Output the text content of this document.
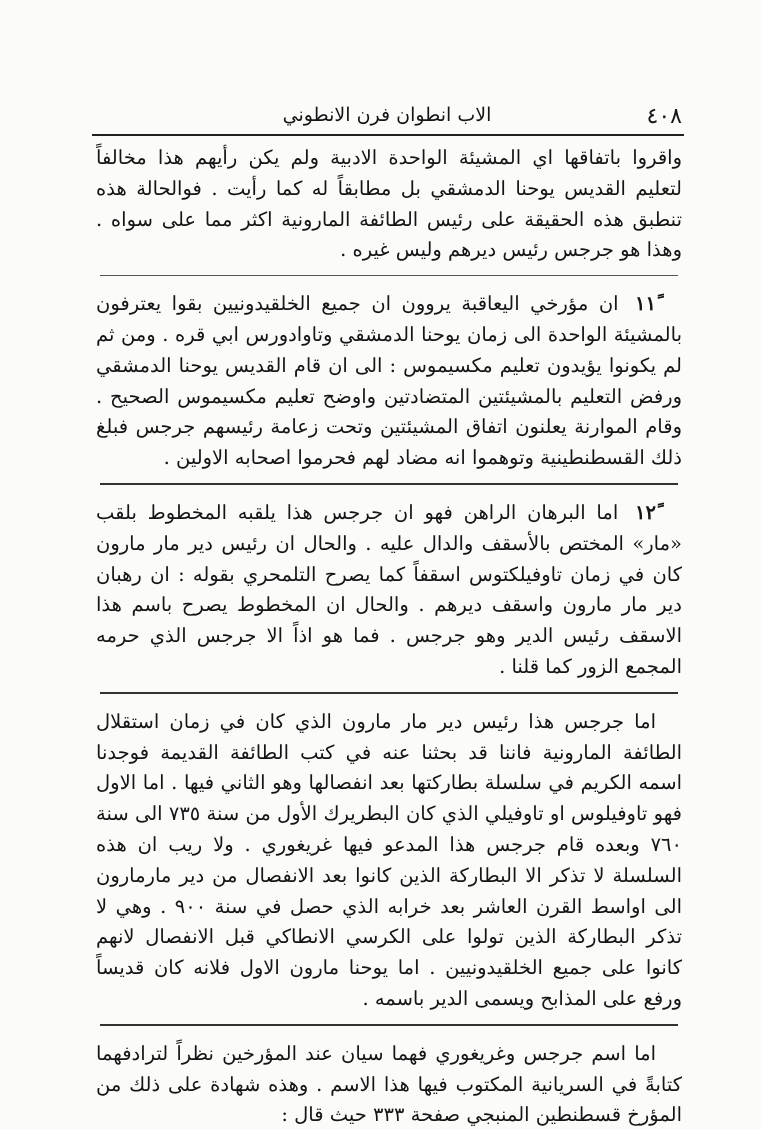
٤٠٨
الاب انطوان فرن الانطوني

واقروا باتفاقها اي المشيئة الواحدة الادبية ولم يكن رأيهم هذا مخالفاً لتعليم القديس يوحنا الدمشقي بل مطابقاً له كما رأيت . فوالحالة هذه تنطبق هذه الحقيقة على رئيس الطائفة المارونية اكثر مما على سواه . وهذا هو جرجس رئيس ديرهم وليس غيره .

١١ً ان مؤرخي اليعاقبة يروون ان جميع الخلقيدونيين بقوا يعترفون بالمشيئة الواحدة الى زمان يوحنا الدمشقي وتاوادورس ابي قره . ومن ثم لم يكونوا يؤيدون تعليم مكسيموس : الى ان قام القديس يوحنا الدمشقي ورفض التعليم بالمشيئتين المتضادتين واوضح تعليم مكسيموس الصحيح . وقام الموارنة يعلنون اتفاق المشيئتين وتحت زعامة رئيسهم جرجس فبلغ ذلك القسطنطينية وتوهموا انه مضاد لهم فحرموا اصحابه الاولين .

١٢ً اما البرهان الراهن فهو ان جرجس هذا يلقبه المخطوط بلقب «مار» المختص بالأسقف والدال عليه . والحال ان رئيس دير مار مارون كان في زمان تاوفيلكتوس اسقفاً كما يصرح التلمحري بقوله : ان رهبان دير مار مارون واسقف ديرهم . والحال ان المخطوط يصرح باسم هذا الاسقف رئيس الدير وهو جرجس . فما هو اذاً الا جرجس الذي حرمه المجمع الزور كما قلنا .

اما جرجس هذا رئيس دير مار مارون الذي كان في زمان استقلال الطائفة المارونية فاننا قد بحثنا عنه في كتب الطائفة القديمة فوجدنا اسمه الكريم في سلسلة بطاركتها بعد انفصالها وهو الثاني فيها . اما الاول فهو تاوفيلوس او تاوفيلي الذي كان البطريرك الأول من سنة ٧٣٥ الى سنة ٧٦٠ وبعده قام جرجس هذا المدعو فيها غريغوري . ولا ريب ان هذه السلسلة لا تذكر الا البطاركة الذين كانوا بعد الانفصال من دير مارمارون الى اواسط القرن العاشر بعد خرابه الذي حصل في سنة ٩٠٠ . وهي لا تذكر البطاركة الذين تولوا على الكرسي الانطاكي قبل الانفصال لانهم كانوا على جميع الخلقيدونيين . اما يوحنا مارون الاول فلانه كان قديساً ورفع على المذابح ويسمى الدير باسمه .

اما اسم جرجس وغريغوري فهما سيان عند المؤرخين نظراً لترادفهما كتابةً في السريانية المكتوب فيها هذا الاسم . وهذه شهادة على ذلك من المؤرخ قسطنطين المنبجي صفحة ٣٣٣ حيث قال :
